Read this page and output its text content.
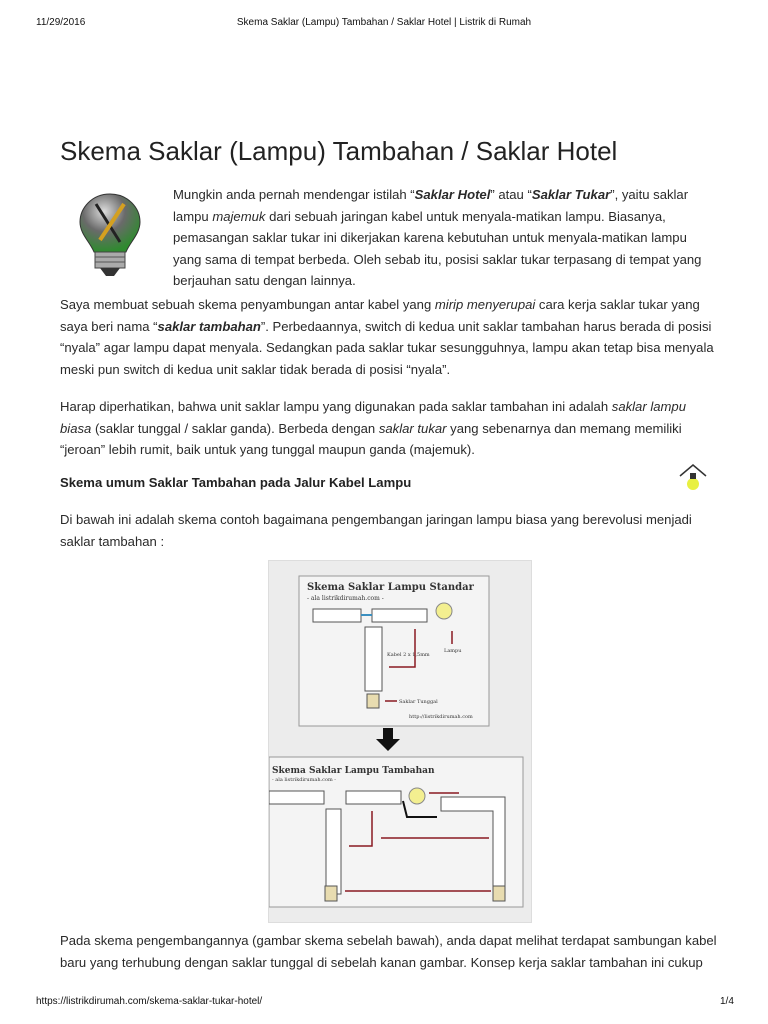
11/29/2016	Skema Saklar (Lampu) Tambahan / Saklar Hotel | Listrik di Rumah
Skema Saklar (Lampu) Tambahan / Saklar Hotel

Mungkin anda pernah mendengar istilah “Saklar Hotel” atau “Saklar Tukar”, yaitu saklar lampu majemuk dari sebuah jaringan kabel untuk menyala-matikan lampu. Biasanya, pemasangan saklar tukar ini dikerjakan karena kebutuhan untuk menyala-matikan lampu yang sama di tempat berbeda. Oleh sebab itu, posisi saklar tukar terpasang di tempat yang berjauhan satu dengan lainnya.

Saya membuat sebuah skema penyambungan antar kabel yang mirip menyerupai cara kerja saklar tukar yang saya beri nama “saklar tambahan”. Perbedaannya, switch di kedua unit saklar tambahan harus berada di posisi “nyala” agar lampu dapat menyala. Sedangkan pada saklar tukar sesungguhnya, lampu akan tetap bisa menyala meski pun switch di kedua unit saklar tidak berada di posisi “nyala”.

Harap diperhatikan, bahwa unit saklar lampu yang digunakan pada saklar tambahan ini adalah saklar lampu biasa (saklar tunggal / saklar ganda). Berbeda dengan saklar tukar yang sebenarnya dan memang memiliki “jeroan” lebih rumit, baik untuk yang tunggal maupun ganda (majemuk).

Skema umum Saklar Tambahan pada Jalur Kabel Lampu

Di bawah ini adalah skema contoh bagaimana pengembangan jaringan lampu biasa yang berevolusi menjadi saklar tambahan :

Skema Saklar Lampu Standar
- ala listrikdirumah.com -
Kabel 2 x 1,5mm
Lampu
Saklar Tunggal
http://listrikdirumah.com
Skema Saklar Lampu Tambahan
- ala listrikdirumah.com -

Pada skema pengembangannya (gambar skema sebelah bawah), anda dapat melihat terdapat sambungan kabel baru yang terhubung dengan saklar tunggal di sebelah kanan gambar. Konsep kerja saklar tambahan ini cukup

https://listrikdirumah.com/skema-saklar-tukar-hotel/	1/4
